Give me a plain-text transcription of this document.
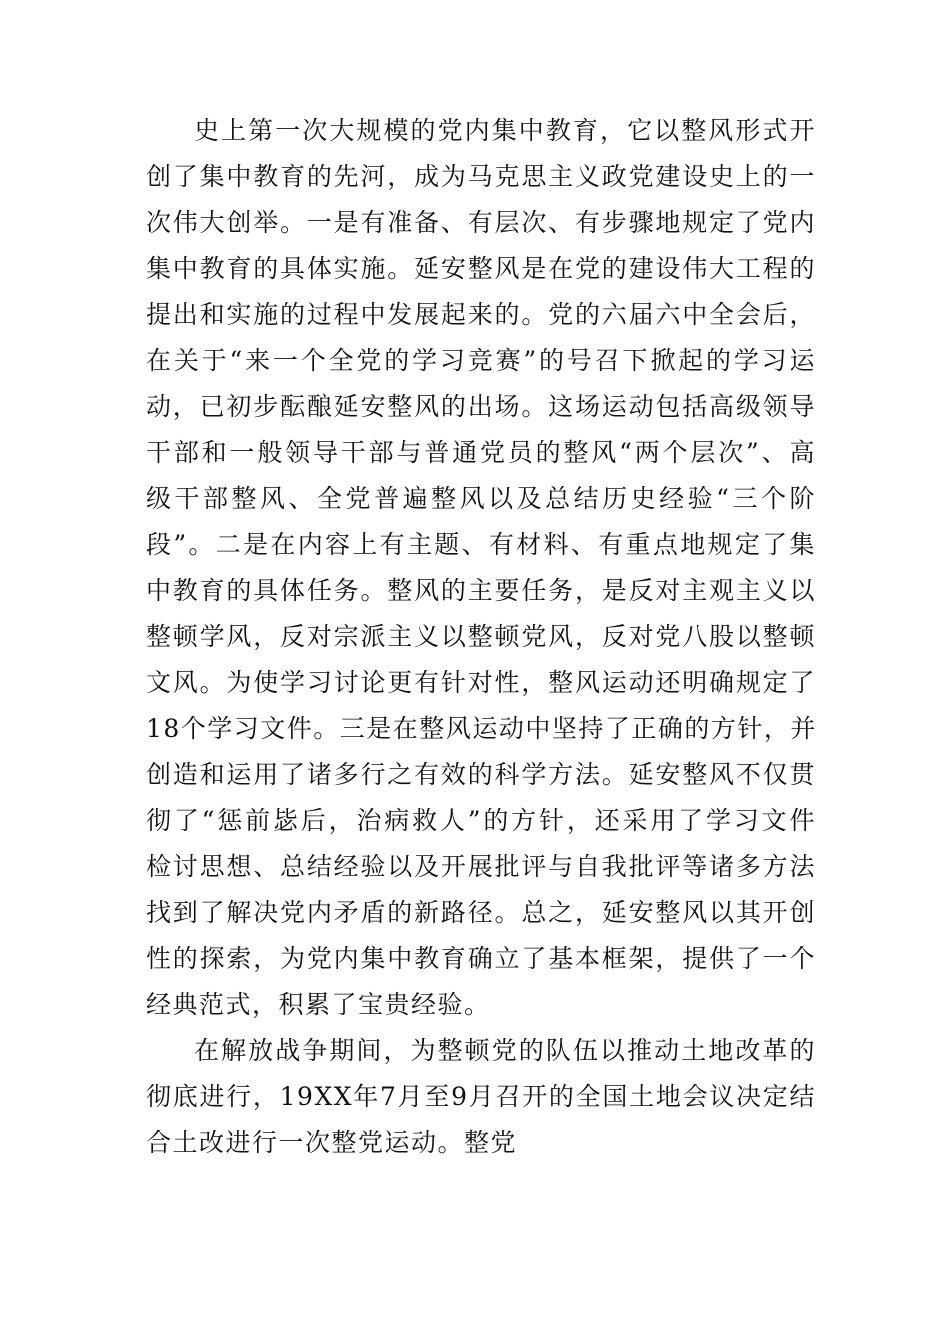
史上第一次大规模的党内集中教育，它以整风形式开
创了集中教育的先河，成为马克思主义政党建设史上的一
次伟大创举。一是有准备、有层次、有步骤地规定了党内
集中教育的具体实施。延安整风是在党的建设伟大工程的
提出和实施的过程中发展起来的。党的六届六中全会后，
在关于“来一个全党的学习竞赛”的号召下掀起的学习运
动，已初步酝酿延安整风的出场。这场运动包括高级领导
干部和一般领导干部与普通党员的整风“两个层次”、高
级干部整风、全党普遍整风以及总结历史经验“三个阶
段”。二是在内容上有主题、有材料、有重点地规定了集
中教育的具体任务。整风的主要任务，是反对主观主义以
整顿学风，反对宗派主义以整顿党风，反对党八股以整顿
文风。为使学习讨论更有针对性，整风运动还明确规定了
18个学习文件。三是在整风运动中坚持了正确的方针，并
创造和运用了诸多行之有效的科学方法。延安整风不仅贯
彻了“惩前毖后，治病救人”的方针，还采用了学习文件
检讨思想、总结经验以及开展批评与自我批评等诸多方法
找到了解决党内矛盾的新路径。总之，延安整风以其开创
性的探索，为党内集中教育确立了基本框架，提供了一个
经典范式，积累了宝贵经验。
在解放战争期间，为整顿党的队伍以推动土地改革的
彻底进行，19XX年7月至9月召开的全国土地会议决定结
合土改进行一次整党运动。整党
